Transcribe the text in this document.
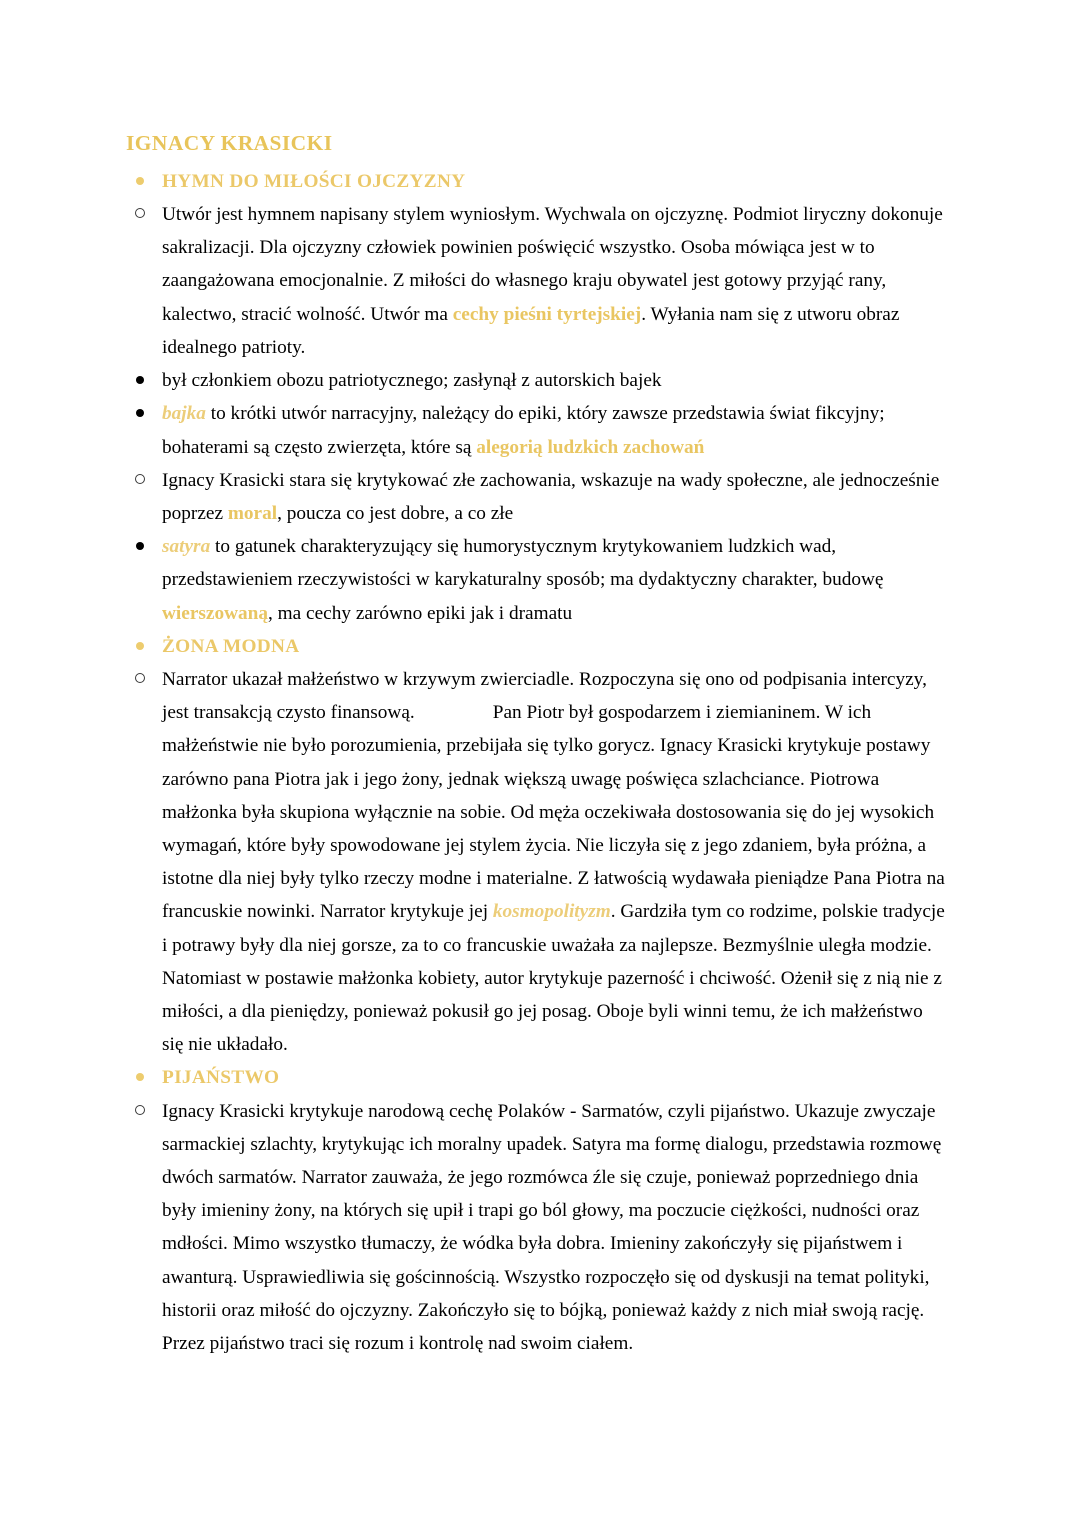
IGNACY KRASICKI
HYMN DO MIŁOŚCI OJCZYZNY
Utwór jest hymnem napisany stylem wyniosłym. Wychwala on ojczyznę. Podmiot liryczny dokonuje sakralizacji. Dla ojczyzny człowiek powinien poświęcić wszystko. Osoba mówiąca jest w to zaangażowana emocjonalnie. Z miłości do własnego kraju obywatel jest gotowy przyjąć rany, kalectwo, stracić wolność. Utwór ma cechy pieśni tyrtejskiej. Wyłania nam się z utworu obraz idealnego patrioty.
był członkiem obozu patriotycznego; zasłynął z autorskich bajek
bajka to krótki utwór narracyjny, należący do epiki, który zawsze przedstawia świat fikcyjny; bohaterami są często zwierzęta, które są alegorią ludzkich zachowań
Ignacy Krasicki stara się krytykować złe zachowania, wskazuje na wady społeczne, ale jednocześnie poprzez moral, poucza co jest dobre, a co złe
satyra to gatunek charakteryzujący się humorystycznym krytykowaniem ludzkich wad, przedstawieniem rzeczywistości w karykaturalny sposób; ma dydaktyczny charakter, budowę wierszowaną, ma cechy zarówno epiki jak i dramatu
ŻONA MODNA
Narrator ukazał małżeństwo w krzywym zwierciadle. Rozpoczyna się ono od podpisania intercyzy, jest transakcją czysto finansową.	Pan Piotr był gospodarzem i ziemianinem. W ich małżeństwie nie było porozumienia, przebijała się tylko gorycz. Ignacy Krasicki krytykuje postawy zarówno pana Piotra jak i jego żony, jednak większą uwagę poświęca szlachciance. Piotrowa małżonka była skupiona wyłącznie na sobie. Od męża oczekiwała dostosowania się do jej wysokich wymagań, które były spowodowane jej stylem życia. Nie liczyła się z jego zdaniem, była próżna, a istotne dla niej były tylko rzeczy modne i materialne. Z łatwością wydawała pieniądze Pana Piotra na francuskie nowinki. Narrator krytykuje jej kosmopolityzm. Gardziła tym co rodzime, polskie tradycje i potrawy były dla niej gorsze, za to co francuskie uważała za najlepsze. Bezmyślnie uległa modzie. Natomiast w postawie małżonka kobiety, autor krytykuje pazerność i chciwość. Ożenił się z nią nie z miłości, a dla pieniędzy, ponieważ pokusił go jej posag. Oboje byli winni temu, że ich małżeństwo się nie układało.
PIJAŃSTWO
Ignacy Krasicki krytykuje narodową cechę Polaków - Sarmatów, czyli pijaństwo. Ukazuje zwyczaje sarmackiej szlachty, krytykując ich moralny upadek. Satyra ma formę dialogu, przedstawia rozmowę dwóch sarmatów. Narrator zauważa, że jego rozmówca źle się czuje, ponieważ poprzedniego dnia były imieniny żony, na których się upił i trapi go ból głowy, ma poczucie ciężkości, nudności oraz mdłości. Mimo wszystko tłumaczy, że wódka była dobra. Imieniny zakończyły się pijaństwem i awanturą. Usprawiedliwia się gościnnością. Wszystko rozpoczęło się od dyskusji na temat polityki, historii oraz miłość do ojczyzny. Zakończyło się to bójką, ponieważ każdy z nich miał swoją rację. Przez pijaństwo traci się rozum i kontrolę nad swoim ciałem.
